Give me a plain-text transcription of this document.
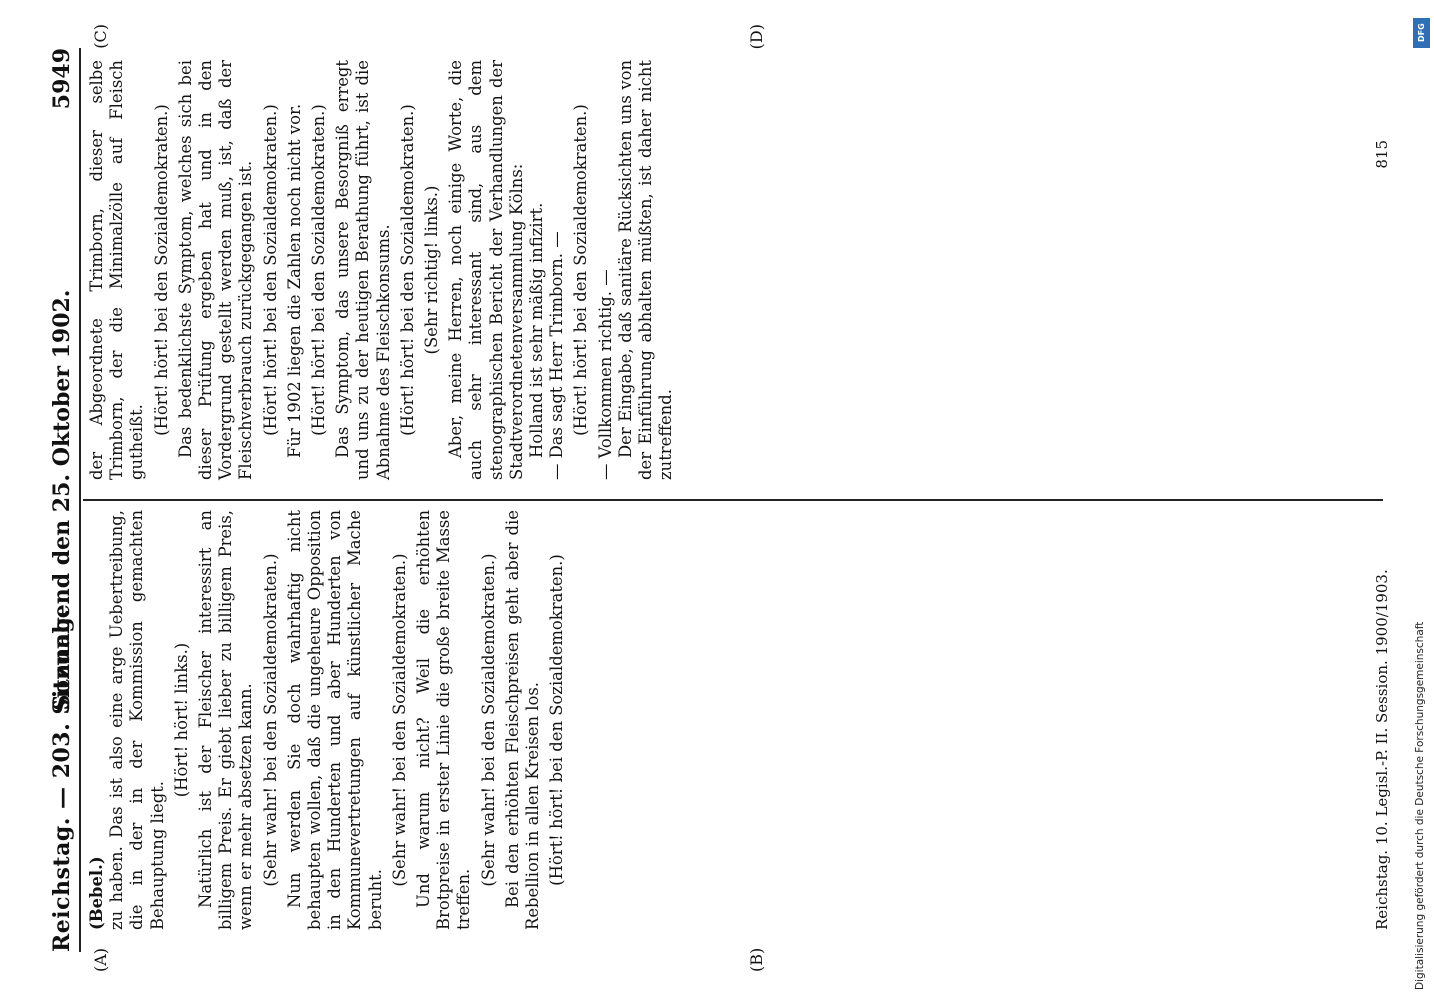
Reichstag. — 203. Sitzung.
5949
Sonnabend den 25. Oktober 1902.
(A)	(B)
(C)	(D)

(Bebel.) zu haben. Das ist also eine arge Uebertreibung, die in der in der Kommission gemachten Behauptung liegt.

(Hört! hört! links.) Natürlich ist der Fleischer interessirt an billigem Preis. Er giebt lieber zu billigem Preis, wenn er mehr absetzen kann. (Sehr wahr! bei den Sozialdemokraten.) Nun werden Sie doch wahrhaftig nicht behaupten wollen, daß die ungeheure Opposition in den Hunderten und aber Hunderten von Kommunevertretungen auf künstlicher Mache beruht.

(Sehr wahr! bei den Sozialdemokraten.) Und warum nicht? Weil die erhöhten Brotpreise in erster Linie die große breite Masse treffen.

(Sehr wahr! bei den Sozialdemokraten.) Bei den erhöhten Fleischpreisen geht aber die Rebellion in allen Kreisen los. (Hört! hört! bei den Sozialdemokraten.)

der Abgeordnete Trimborn, dieser selbe Trimborn, der die Minimalzölle auf Fleisch gutheißt.

(Hört! hört! bei den Sozialdemokraten.) Das bedenklichste Symptom, welches sich bei dieser Prüfung ergeben hat und in den Vordergrund gestellt werden muß, ist, daß der Fleischverbrauch zurückgegangen ist. (Hört! hört! bei den Sozialdemokraten.) Für 1902 liegen die Zahlen noch nicht vor. (Hört! hört! bei den Sozialdemokraten.) Das Symptom, das unsere Besorgniß erregt und uns zu der heutigen Berathung führt, ist die Abnahme des Fleischkonsums. (Hört! hört! bei den Sozialdemokraten.) (Sehr richtig! links.) Aber, meine Herren, noch einige Worte, die auch sehr interessant sind, aus dem stenographischen Bericht der Verhandlungen der Stadtverordnetenversammlung Kölns: Holland ist sehr mäßig infizirt. — Das sagt Herr Trimborn. — (Hört! hört! bei den Sozialdemokraten.) — Vollkommen richtig. — Der Eingabe, daß sanitäre Rücksichten uns von der Einführung abhalten müßten, ist daher nicht zutreffend.

Reichstag. 10. Legisl.-P. II. Session. 1900/1903.
815
DFG
Digitalisierung gefördert durch die Deutsche Forschungsgemeinschaft
